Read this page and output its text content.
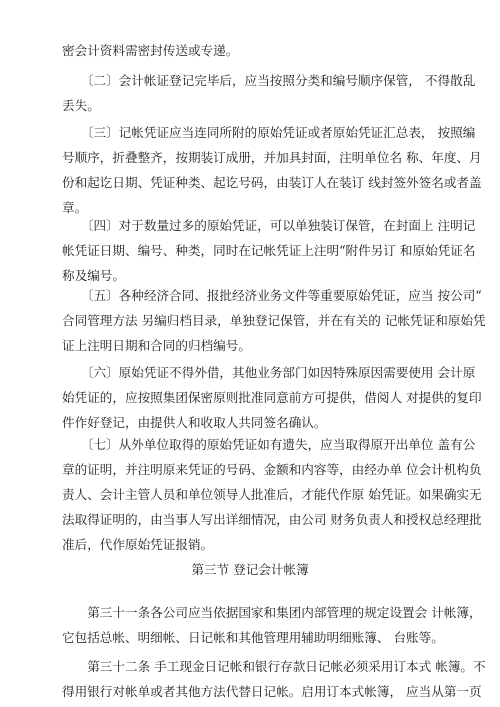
密会计资料需密封传送或专递。
　　〔二〕会计帐证登记完毕后，应当按照分类和编号顺序保管， 不得散乱
丢失。
　　〔三〕记帐凭证应当连同所附的原始凭证或者原始凭证汇总表， 按照编
号顺序，折叠整齐，按期装订成册，并加具封面，注明单位名 称、年度、月
份和起讫日期、凭证种类、起讫号码，由装订人在装订 线封签外签名或者盖
章。
　　〔四〕对于数量过多的原始凭证，可以单独装订保管，在封面上 注明记
帐凭证日期、编号、种类，同时在记帐凭证上注明“附件另订 和原始凭证名
称及编号。
　　〔五〕各种经济合同、报批经济业务文件等重要原始凭证，应当 按公司“
合同管理方法 另编归档目录，单独登记保管，并在有关的 记帐凭证和原始凭
证上注明日期和合同的归档编号。
　　〔六〕原始凭证不得外借，其他业务部门如因特殊原因需要使用 会计原
始凭证的，应按照集团保密原则批准同意前方可提供，借阅人 对提供的复印
件作好登记，由提供人和收取人共同签名确认。
　　〔七〕从外单位取得的原始凭证如有遗失，应当取得原开出单位 盖有公
章的证明，并注明原来凭证的号码、金额和内容等，由经办单 位会计机构负
责人、会计主管人员和单位领导人批准后，才能代作原 始凭证。如果确实无
法取得证明的，由当事人写出详细情况，由公司 财务负责人和授权总经理批
准后，代作原始凭证报销。
第三节 登记会计帐簿
　　第三十一条各公司应当依据国家和集团内部管理的规定设置会 计帐簿，
它包括总帐、明细帐、日记帐和其他管理用辅助明细账簿、 台账等。
　　第三十二条 手工现金日记帐和银行存款日记帐必须采用订本式 帐簿。不
得用银行对帐单或者其他方法代替日记帐。启用订本式帐簿， 应当从第一页
